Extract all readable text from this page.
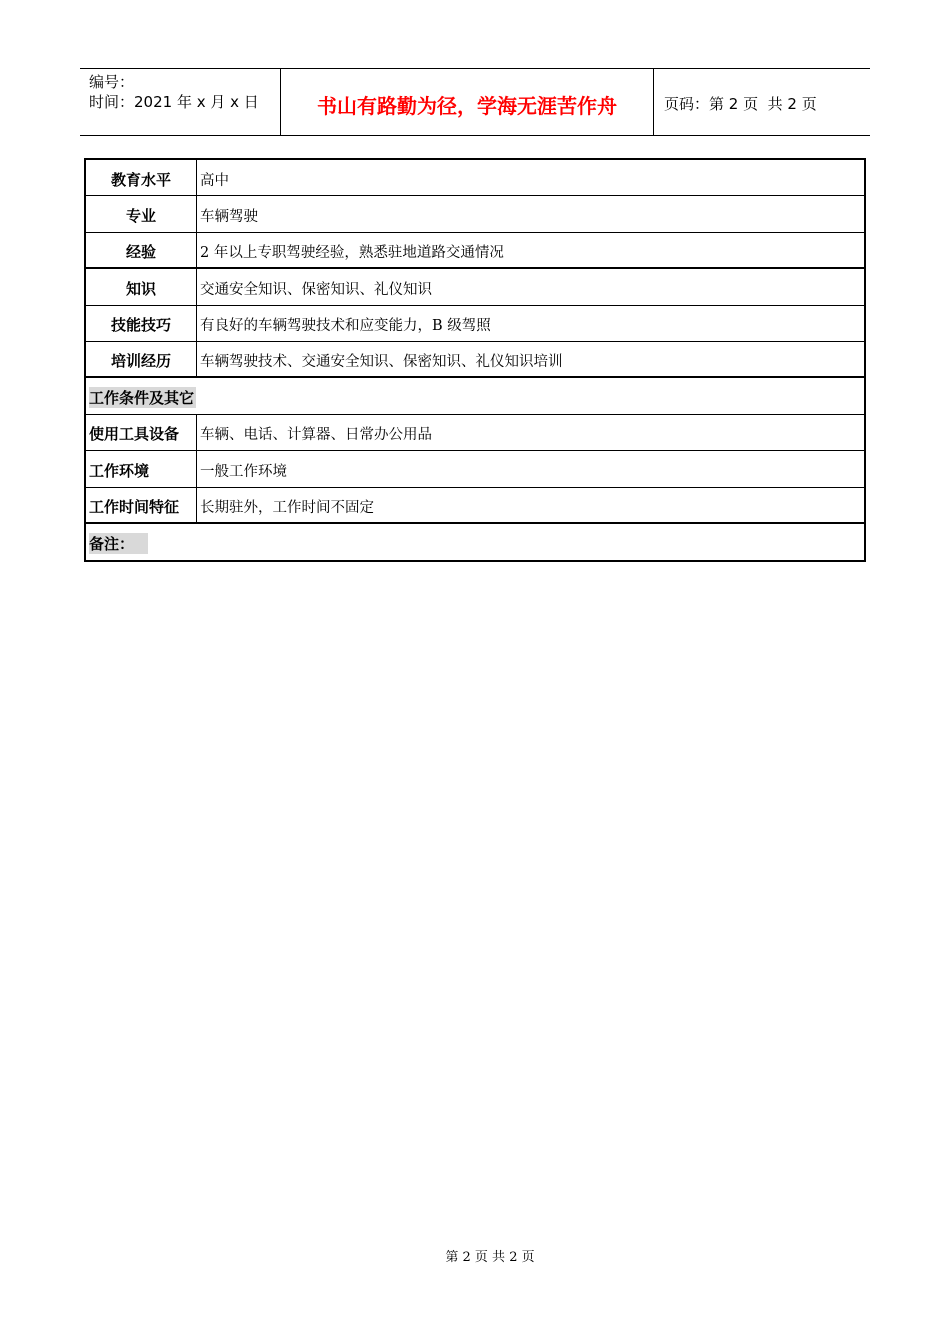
编号：
时间：2021 年 x 月 x 日	书山有路勤为径，学海无涯苦作舟	页码：第 2 页  共 2 页
教育水平	高中
专业	车辆驾驶
经验	2 年以上专职驾驶经验，熟悉驻地道路交通情况
知识	交通安全知识、保密知识、礼仪知识
技能技巧	有良好的车辆驾驶技术和应变能力，B 级驾照
培训经历	车辆驾驶技术、交通安全知识、保密知识、礼仪知识培训
工作条件及其它
使用工具设备	车辆、电话、计算器、日常办公用品
工作环境	一般工作环境
工作时间特征	长期驻外，工作时间不固定
备注：
第 2 页 共 2 页
